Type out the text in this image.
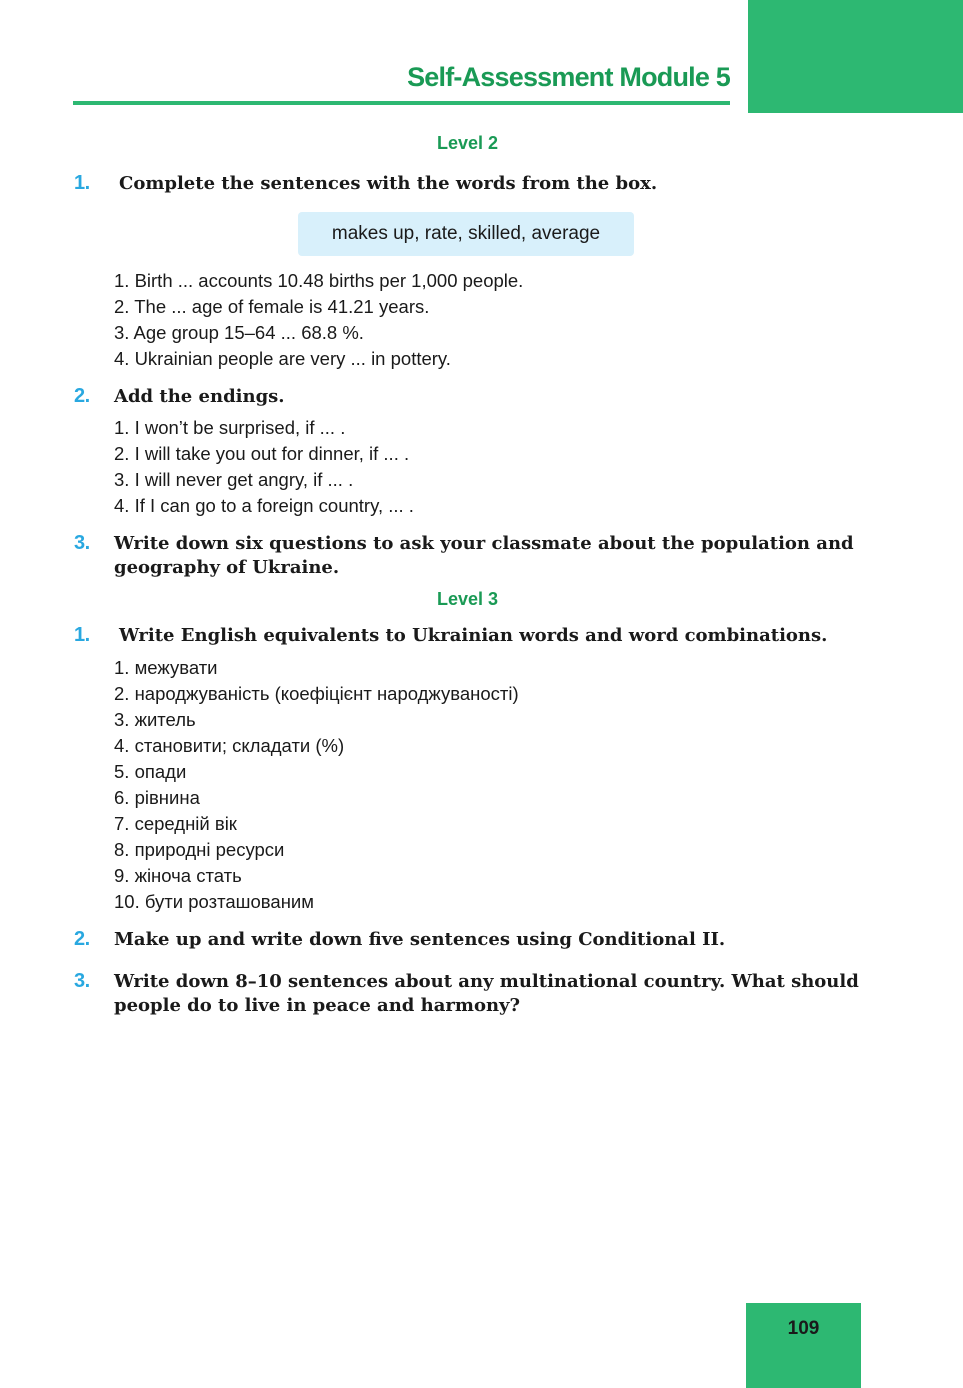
Self-Assessment Module 5
Level 2
1. Complete the sentences with the words from the box.
makes up, rate, skilled, average
1. Birth ... accounts 10.48 births per 1,000 people.
2. The ... age of female is 41.21 years.
3. Age group 15–64 ... 68.8 %.
4. Ukrainian people are very ... in pottery.
2. Add the endings.
1. I won’t be surprised, if ... .
2. I will take you out for dinner, if ... .
3. I will never get angry, if ... .
4. If I can go to a foreign country, ... .
3. Write down six questions to ask your classmate about the population and
geography of Ukraine.
Level 3
1. Write English equivalents to Ukrainian words and word combinations.
1. межувати
2. народжуваність (коефіцієнт народжуваності)
3. житель
4. становити; складати (%)
5. опади
6. рівнина
7. середній вік
8. природні ресурси
9. жіноча стать
10. бути розташованим
2. Make up and write down five sentences using Conditional II.
3. Write down 8–10 sentences about any multinational country. What should
people do to live in peace and harmony?
109
